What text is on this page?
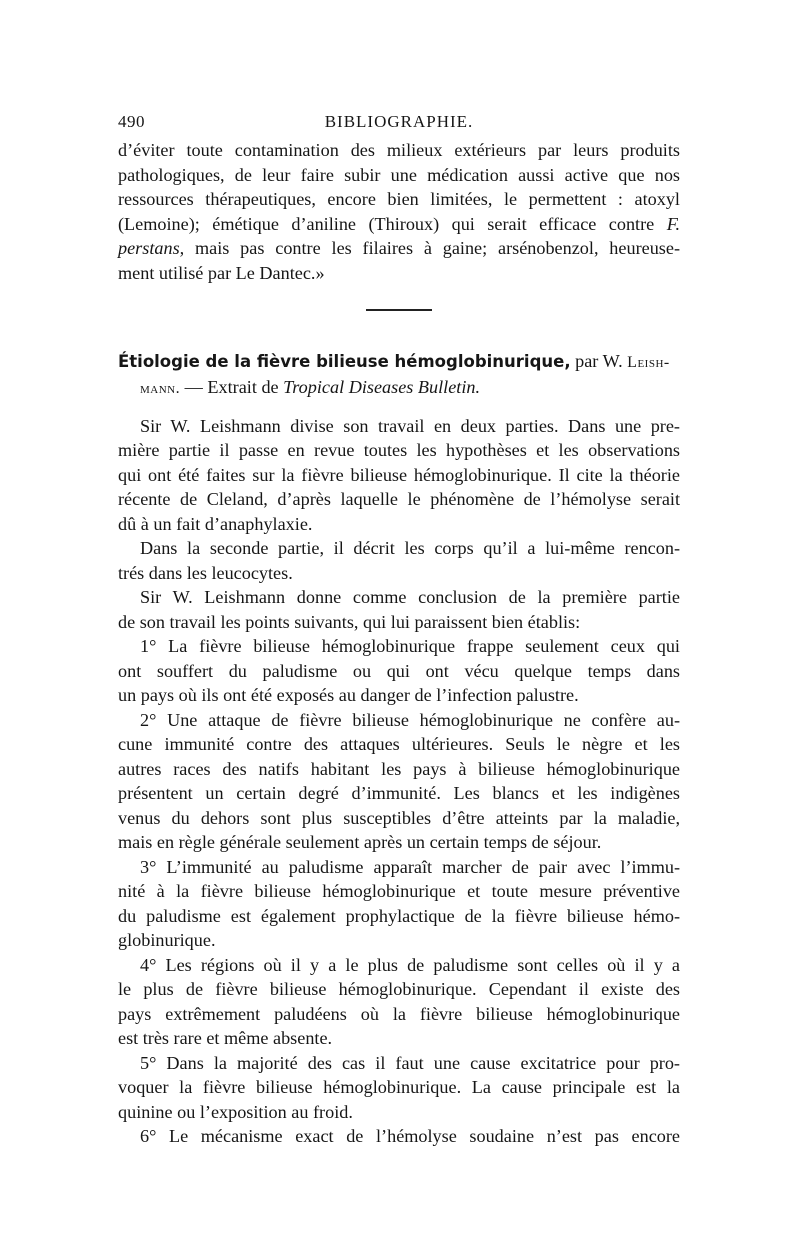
490	BIBLIOGRAPHIE.
d’éviter toute contamination des milieux extérieurs par leurs produits
pathologiques, de leur faire subir une médication aussi active que nos
ressources thérapeutiques, encore bien limitées, le permettent : atoxyl
(Lemoine); émétique d’aniline (Thiroux) qui serait efficace contre F.
perstans, mais pas contre les filaires à gaine; arsénobenzol, heureuse-
ment utilisé par Le Dantec.»
Étiologie de la fièvre bilieuse hémoglobinurique, par W. Leish-
mann. — Extrait de Tropical Diseases Bulletin.
Sir W. Leishmann divise son travail en deux parties. Dans une pre-
mière partie il passe en revue toutes les hypothèses et les observations
qui ont été faites sur la fièvre bilieuse hémoglobinurique. Il cite la théorie
récente de Cleland, d’après laquelle le phénomène de l’hémolyse serait
dû à un fait d’anaphylaxie.
Dans la seconde partie, il décrit les corps qu’il a lui-même rencon-
trés dans les leucocytes.
Sir W. Leishmann donne comme conclusion de la première partie
de son travail les points suivants, qui lui paraissent bien établis:
1° La fièvre bilieuse hémoglobinurique frappe seulement ceux qui
ont souffert du paludisme ou qui ont vécu quelque temps dans
un pays où ils ont été exposés au danger de l’infection palustre.
2° Une attaque de fièvre bilieuse hémoglobinurique ne confère au-
cune immunité contre des attaques ultérieures. Seuls le nègre et les
autres races des natifs habitant les pays à bilieuse hémoglobinurique
présentent un certain degré d’immunité. Les blancs et les indigènes
venus du dehors sont plus susceptibles d’être atteints par la maladie,
mais en règle générale seulement après un certain temps de séjour.
3° L’immunité au paludisme apparaît marcher de pair avec l’immu-
nité à la fièvre bilieuse hémoglobinurique et toute mesure préventive
du paludisme est également prophylactique de la fièvre bilieuse hémo-
globinurique.
4° Les régions où il y a le plus de paludisme sont celles où il y a
le plus de fièvre bilieuse hémoglobinurique. Cependant il existe des
pays extrêmement paludéens où la fièvre bilieuse hémoglobinurique
est très rare et même absente.
5° Dans la majorité des cas il faut une cause excitatrice pour pro-
voquer la fièvre bilieuse hémoglobinurique. La cause principale est la
quinine ou l’exposition au froid.
6° Le mécanisme exact de l’hémolyse soudaine n’est pas encore
